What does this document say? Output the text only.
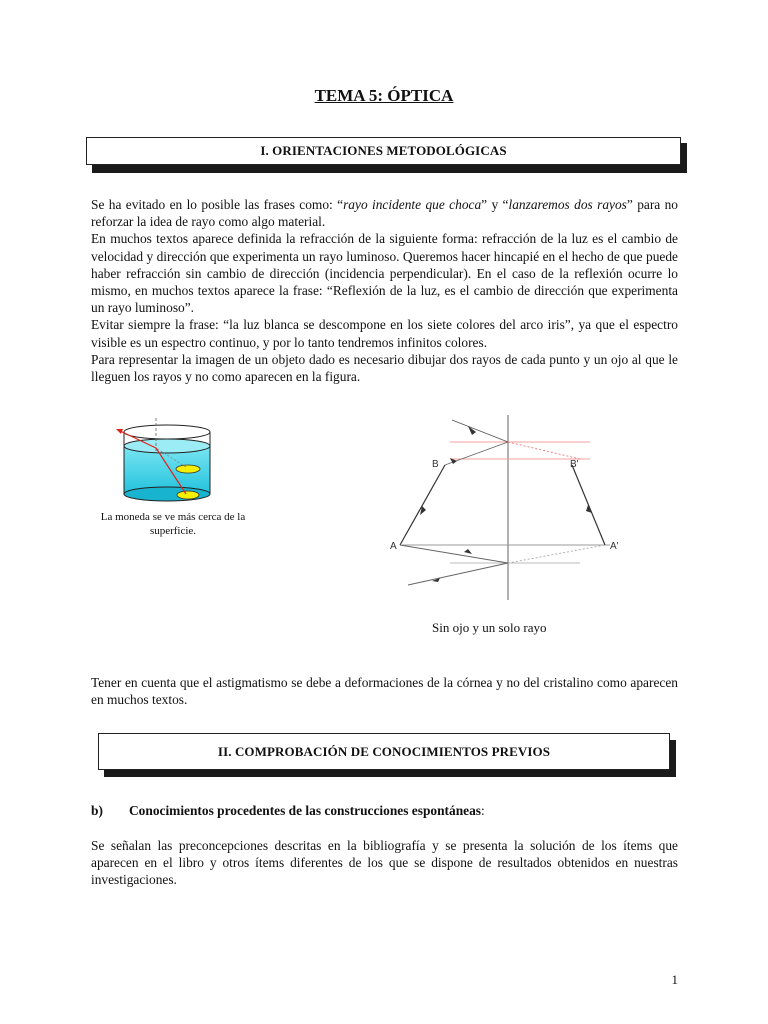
TEMA 5: ÓPTICA
I. ORIENTACIONES METODOLÓGICAS

Se ha evitado en lo posible las frases como: “rayo incidente que choca” y “lanzaremos dos rayos” para no reforzar la idea de rayo como algo material.

En muchos textos aparece definida la refracción de la siguiente forma: refracción de la luz es el cambio de velocidad y dirección que experimenta un rayo luminoso. Queremos hacer hincapié en el hecho de que puede haber refracción sin cambio de dirección (incidencia perpendicular). En el caso de la reflexión ocurre lo mismo, en muchos textos aparece la frase: “Reflexión de la luz, es el cambio de dirección que experimenta un rayo luminoso”.

Evitar siempre la frase: “la luz blanca se descompone en los siete colores del arco iris”, ya que el espectro visible es un espectro continuo, y por lo tanto tendremos infinitos colores.

Para representar la imagen de un objeto dado es necesario dibujar dos rayos de cada punto y un ojo al que le lleguen los rayos y no como aparecen en la figura.

La moneda se ve más cerca de la superficie.
B	B'
A	A'
Sin ojo y un solo rayo
Tener en cuenta que el astigmatismo se debe a deformaciones de la córnea y no del cristalino como aparecen en muchos textos.
II. COMPROBACIÓN DE CONOCIMIENTOS PREVIOS
b) Conocimientos procedentes de las construcciones espontáneas:
Se señalan las preconcepciones descritas en la bibliografía y se presenta la solución de los ítems que aparecen en el libro y otros ítems diferentes de los que se dispone de resultados obtenidos en nuestras investigaciones.
1
